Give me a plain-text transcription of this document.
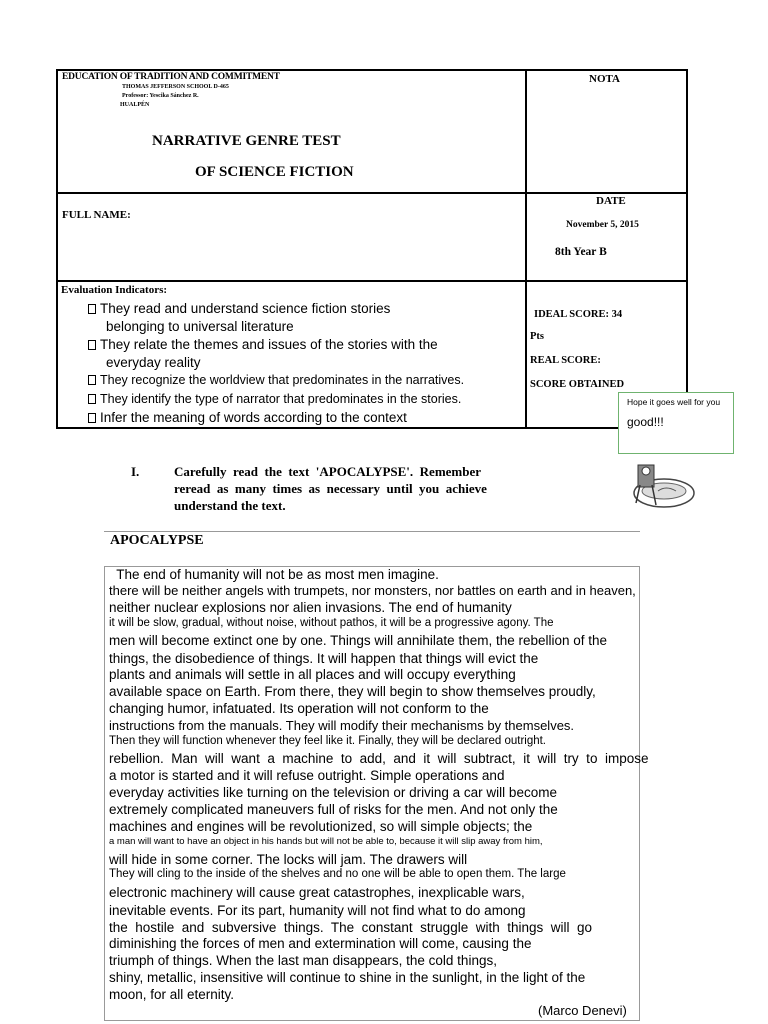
EDUCATION OF TRADITION AND COMMITMENT
THOMAS JEFFERSON SCHOOL D-465
Professor: Yescika Sánchez R.
HUALPÉN
NARRATIVE GENRE TEST
OF SCIENCE FICTION
NOTA
FULL NAME:
DATE
November 5, 2015
8th Year B
Evaluation Indicators:
They read and understand science fiction stories
belonging to universal literature
They relate the themes and issues of the stories with the
everyday reality
They recognize the worldview that predominates in the narratives.
They identify the type of narrator that predominates in the stories.
Infer the meaning of words according to the context
IDEAL SCORE: 34
Pts
REAL SCORE:
SCORE OBTAINED
Hope it goes well for you
good!!!
I.	Carefully  read  the  text  'APOCALYPSE'.  Remember
reread  as  many  times  as  necessary  until  you  achieve
understand the text.
APOCALYPSE
The end of humanity will not be as most men imagine.
there will be neither angels with trumpets, nor monsters, nor battles on earth and in heaven,
neither nuclear explosions nor alien invasions. The end of humanity
it will be slow, gradual, without noise, without pathos, it will be a progressive agony. The
men will become extinct one by one. Things will annihilate them, the rebellion of the
things, the disobedience of things. It will happen that things will evict the
plants and animals will settle in all places and will occupy everything
available space on Earth. From there, they will begin to show themselves proudly,
changing humor, infatuated. Its operation will not conform to the
instructions from the manuals. They will modify their mechanisms by themselves.
Then they will function whenever they feel like it. Finally, they will be declared outright.
rebellion.  Man  will  want  a  machine  to  add,  and  it  will  subtract,  it  will  try  to  impose
a motor is started and it will refuse outright. Simple operations and
everyday activities like turning on the television or driving a car will become
extremely complicated maneuvers full of risks for the men. And not only the
machines and engines will be revolutionized, so will simple objects; the
a man will want to have an object in his hands but will not be able to, because it will slip away from him,
will hide in some corner. The locks will jam. The drawers will
They will cling to the inside of the shelves and no one will be able to open them. The large
electronic machinery will cause great catastrophes, inexplicable wars,
inevitable events. For its part, humanity will not find what to do among
the  hostile  and  subversive  things.  The  constant  struggle  with  things  will  go
diminishing the forces of men and extermination will come, causing the
triumph of things. When the last man disappears, the cold things,
shiny, metallic, insensitive will continue to shine in the sunlight, in the light of the
moon, for all eternity.
(Marco Denevi)
